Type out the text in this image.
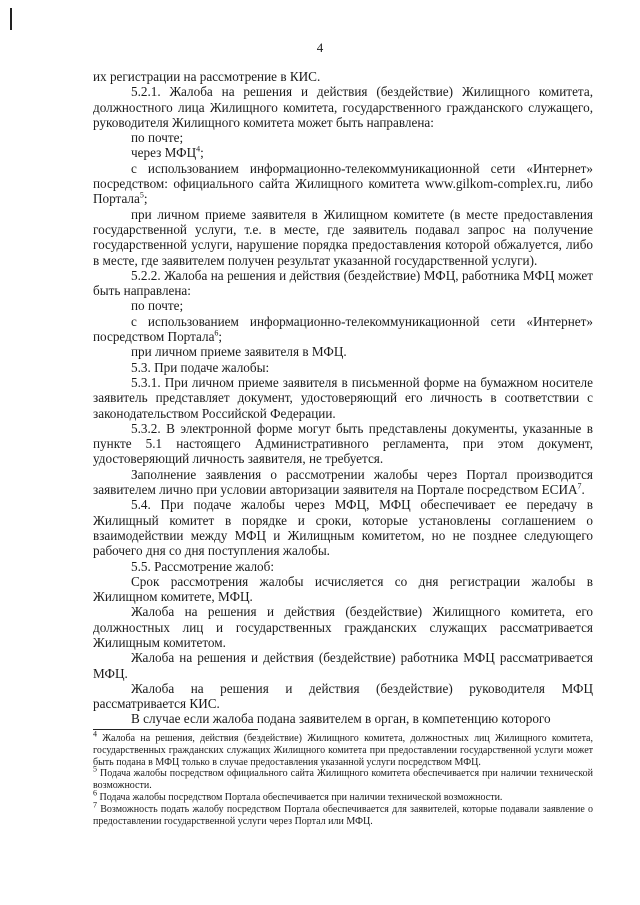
4

их регистрации на рассмотрение в КИС.

5.2.1. Жалоба на решения и действия (бездействие) Жилищного комитета, должностного лица Жилищного комитета, государственного гражданского служащего, руководителя Жилищного комитета может быть направлена:

по почте;

через МФЦ$^4$;

с использованием информационно-телекоммуникационной сети «Интернет» посредством: официального сайта Жилищного комитета www.gilkom-complex.ru, либо Портала$^5$;

при личном приеме заявителя в Жилищном комитете (в месте предоставления государственной услуги, т.е. в месте, где заявитель подавал запрос на получение государственной услуги, нарушение порядка предоставления которой обжалуется, либо в месте, где заявителем получен результат указанной государственной услуги).

5.2.2. Жалоба на решения и действия (бездействие) МФЦ, работника МФЦ может быть направлена:

по почте;

с использованием информационно-телекоммуникационной сети «Интернет» посредством Портала$^6$;

при личном приеме заявителя в МФЦ.

5.3. При подаче жалобы:

5.3.1. При личном приеме заявителя в письменной форме на бумажном носителе заявитель представляет документ, удостоверяющий его личность в соответствии с законодательством Российской Федерации.

5.3.2. В электронной форме могут быть представлены документы, указанные в пункте 5.1 настоящего Административного регламента, при этом документ, удостоверяющий личность заявителя, не требуется.

Заполнение заявления о рассмотрении жалобы через Портал производится заявителем лично при условии авторизации заявителя на Портале посредством ЕСИА$^7$.

5.4. При подаче жалобы через МФЦ, МФЦ обеспечивает ее передачу в Жилищный комитет в порядке и сроки, которые установлены соглашением о взаимодействии между МФЦ и Жилищным комитетом, но не позднее следующего рабочего дня со дня поступления жалобы.

5.5. Рассмотрение жалоб:

Срок рассмотрения жалобы исчисляется со дня регистрации жалобы в Жилищном комитете, МФЦ.

Жалоба на решения и действия (бездействие) Жилищного комитета, его должностных лиц и государственных гражданских служащих рассматривается Жилищным комитетом.

Жалоба на решения и действия (бездействие) работника МФЦ рассматривается МФЦ.

Жалоба на решения и действия (бездействие) руководителя МФЦ рассматривается КИС.

В случае если жалоба подана заявителем в орган, в компетенцию которого

$^4$ Жалоба на решения, действия (бездействие) Жилищного комитета, должностных лиц Жилищного комитета, государственных гражданских служащих Жилищного комитета при предоставлении государственной услуги может быть подана в МФЦ только в случае предоставления указанной услуги посредством МФЦ.

$^5$ Подача жалобы посредством официального сайта Жилищного комитета обеспечивается при наличии технической возможности.

$^6$ Подача жалобы посредством Портала обеспечивается при наличии технической возможности.

$^7$ Возможность подать жалобу посредством Портала обеспечивается для заявителей, которые подавали заявление о предоставлении государственной услуги через Портал или МФЦ.
